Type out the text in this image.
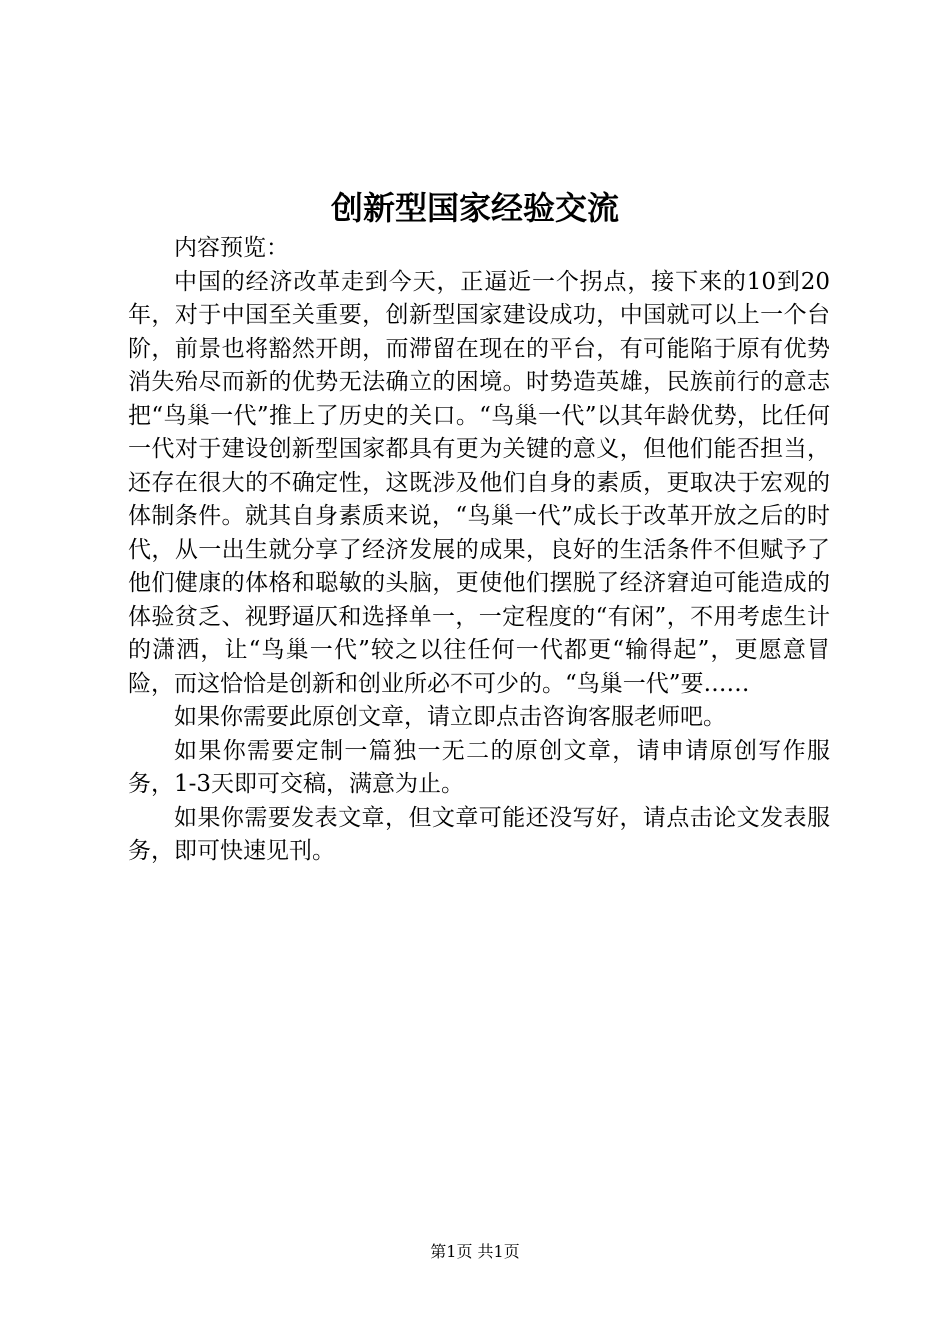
创新型国家经验交流

内容预览：

中国的经济改革走到今天，正逼近一个拐点，接下来的10到20年，对于中国至关重要，创新型国家建设成功，中国就可以上一个台阶，前景也将豁然开朗，而滞留在现在的平台，有可能陷于原有优势消失殆尽而新的优势无法确立的困境。时势造英雄，民族前行的意志把“鸟巢一代”推上了历史的关口。“鸟巢一代”以其年龄优势，比任何一代对于建设创新型国家都具有更为关键的意义，但他们能否担当，还存在很大的不确定性，这既涉及他们自身的素质，更取决于宏观的体制条件。就其自身素质来说，“鸟巢一代”成长于改革开放之后的时代，从一出生就分享了经济发展的成果，良好的生活条件不但赋予了他们健康的体格和聪敏的头脑，更使他们摆脱了经济窘迫可能造成的体验贫乏、视野逼仄和选择单一，一定程度的“有闲”，不用考虑生计的潇洒，让“鸟巢一代”较之以往任何一代都更“输得起”，更愿意冒险，而这恰恰是创新和创业所必不可少的。“鸟巢一代”要……

如果你需要此原创文章，请立即点击咨询客服老师吧。

如果你需要定制一篇独一无二的原创文章，请申请原创写作服务，1-3天即可交稿，满意为止。

如果你需要发表文章，但文章可能还没写好，请点击论文发表服务，即可快速见刊。

第1页 共1页
